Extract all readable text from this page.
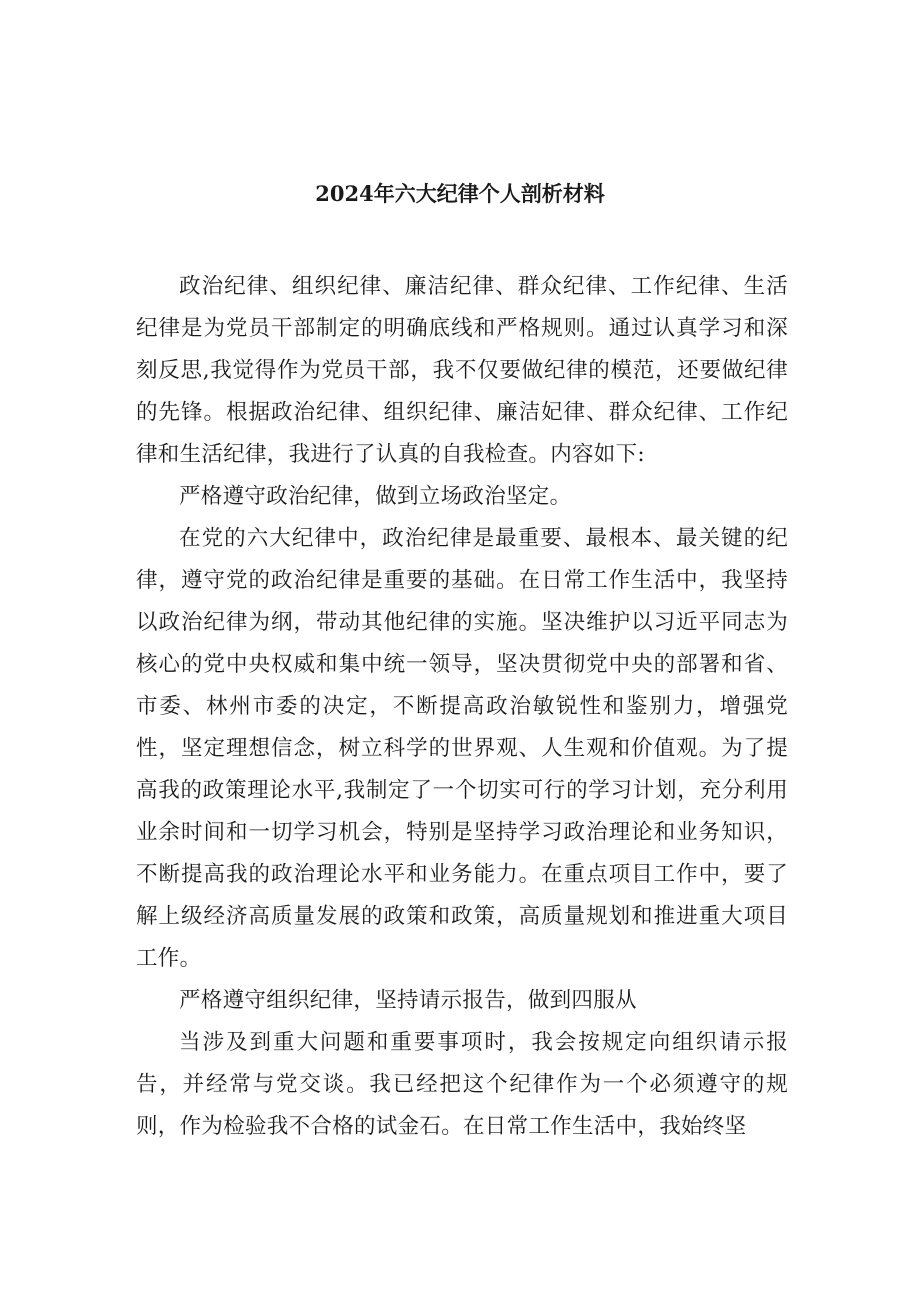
2024年六大纪律个人剖析材料

政治纪律、组织纪律、廉洁纪律、群众纪律、工作纪律、生活纪律是为党员干部制定的明确底线和严格规则。通过认真学习和深刻反思,我觉得作为党员干部，我不仅要做纪律的模范，还要做纪律的先锋。根据政治纪律、组织纪律、廉洁妃律、群众纪律、工作纪律和生活纪律，我进行了认真的自我检查。内容如下:

严格遵守政治纪律，做到立场政治坚定。

在党的六大纪律中，政治纪律是最重要、最根本、最关键的纪律，遵守党的政治纪律是重要的基础。在日常工作生活中，我坚持以政治纪律为纲，带动其他纪律的实施。坚决维护以习近平同志为核心的党中央权威和集中统一领导，坚决贯彻党中央的部署和省、市委、林州市委的决定，不断提高政治敏锐性和鉴别力，增强党性，坚定理想信念，树立科学的世界观、人生观和价值观。为了提高我的政策理论水平,我制定了一个切实可行的学习计划，充分利用业余时间和一切学习机会，特别是坚持学习政治理论和业务知识，不断提高我的政治理论水平和业务能力。在重点项目工作中，要了解上级经济高质量发展的政策和政策，高质量规划和推进重大项目工作。

严格遵守组织纪律，坚持请示报告，做到四服从

当涉及到重大问题和重要事项时，我会按规定向组织请示报告，并经常与党交谈。我已经把这个纪律作为一个必须遵守的规则，作为检验我不合格的试金石。在日常工作生活中，我始终坚
